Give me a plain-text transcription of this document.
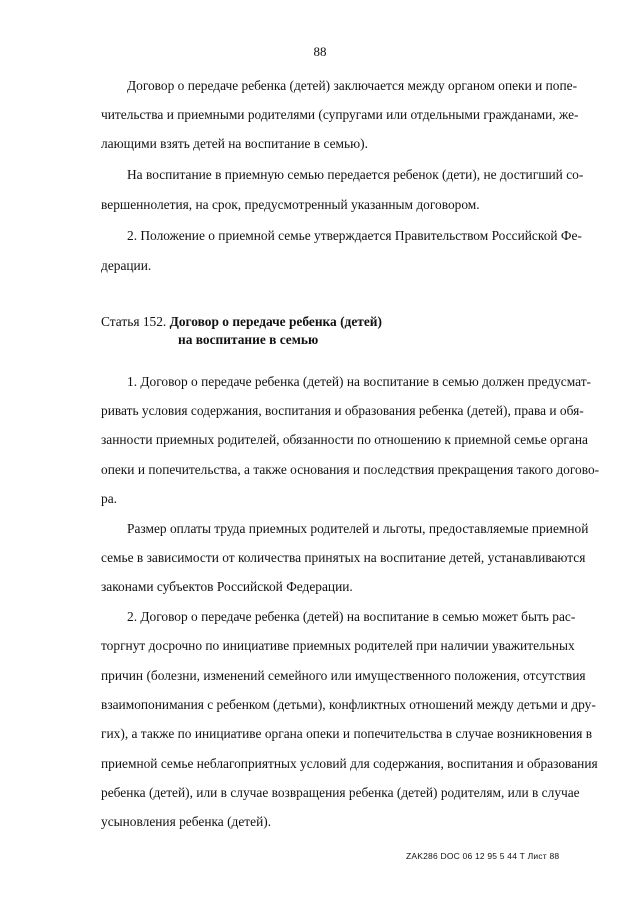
88
Договор о передаче ребенка (детей) заключается между органом опеки и попе-
чительства и приемными родителями (супругами или отдельными гражданами, же-
лающими взять детей на воспитание в семью).
На воспитание в приемную семью передается ребенок (дети), не достигший со-
вершеннолетия, на срок, предусмотренный указанным договором.
2. Положение о приемной семье утверждается Правительством Российской Фе-
дерации.
Статья 152. Договор о передаче ребенка (детей)
на воспитание в семью
1. Договор о передаче ребенка (детей) на воспитание в семью должен предусмат-
ривать условия содержания, воспитания и образования ребенка (детей), права и обя-
занности приемных родителей, обязанности по отношению к приемной семье органа
опеки и попечительства, а также основания и последствия прекращения такого догово-
ра.
Размер оплаты труда приемных родителей и льготы, предоставляемые приемной
семье в зависимости от количества принятых на воспитание детей, устанавливаются
законами субъектов Российской Федерации.
2. Договор о передаче ребенка (детей) на воспитание в семью может быть рас-
торгнут досрочно по инициативе приемных родителей при наличии уважительных
причин (болезни, изменений семейного или имущественного положения, отсутствия
взаимопонимания с ребенком (детьми), конфликтных отношений между детьми и дру-
гих), а также по инициативе органа опеки и попечительства в случае возникновения в
приемной семье неблагоприятных условий для содержания, воспитания и образования
ребенка (детей), или в случае возвращения ребенка (детей) родителям, или в случае
усыновления ребенка (детей).
ZAK286 DOC 06 12 95 5 44 Т Лист 88
